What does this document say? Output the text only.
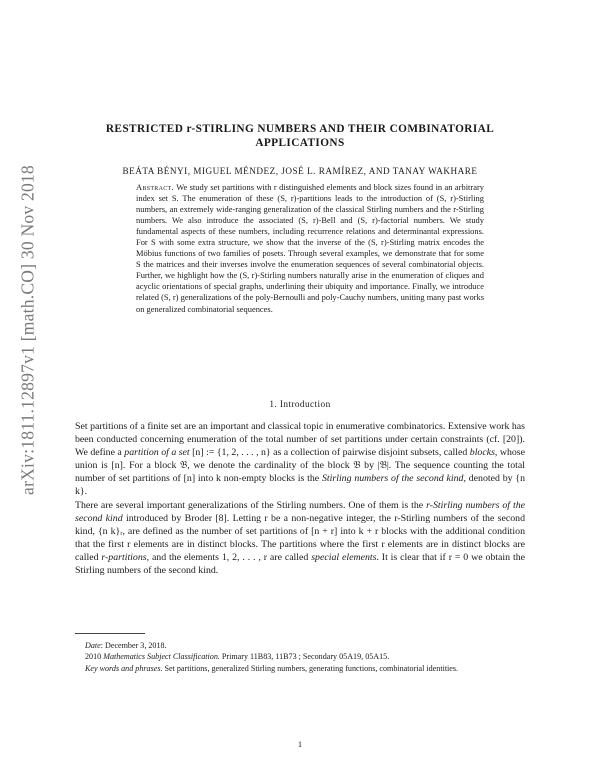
arXiv:1811.12897v1 [math.CO] 30 Nov 2018
RESTRICTED r-STIRLING NUMBERS AND THEIR COMBINATORIAL
APPLICATIONS
BEÁTA BÉNYI, MIGUEL MÉNDEZ, JOSÉ L. RAMÍREZ, AND TANAY WAKHARE
Abstract. We study set partitions with r distinguished elements and block sizes found in an arbitrary index set S. The enumeration of these (S, r)-partitions leads to the introduction of (S, r)-Stirling numbers, an extremely wide-ranging generalization of the classical Stirling numbers and the r-Stirling numbers. We also introduce the associated (S, r)-Bell and (S, r)-factorial numbers. We study fundamental aspects of these numbers, including recurrence relations and determinantal expressions. For S with some extra structure, we show that the inverse of the (S, r)-Stirling matrix encodes the Möbius functions of two families of posets. Through several examples, we demonstrate that for some S the matrices and their inverses involve the enumeration sequences of several combinatorial objects. Further, we highlight how the (S, r)-Stirling numbers naturally arise in the enumeration of cliques and acyclic orientations of special graphs, underlining their ubiquity and importance. Finally, we introduce related (S, r) generalizations of the poly-Bernoulli and poly-Cauchy numbers, uniting many past works on generalized combinatorial sequences.
1. Introduction

Set partitions of a finite set are an important and classical topic in enumerative combinatorics. Extensive work has been conducted concerning enumeration of the total number of set partitions under certain constraints (cf. [20]). We define a partition of a set [n] := {1, 2, . . . , n} as a collection of pairwise disjoint subsets, called blocks, whose union is [n]. For a block 𝔅, we denote the cardinality of the block 𝔅 by |𝔅|. The sequence counting the total number of set partitions of [n] into k non-empty blocks is the Stirling numbers of the second kind, denoted by {n k}.

There are several important generalizations of the Stirling numbers. One of them is the r-Stirling numbers of the second kind introduced by Broder [8]. Letting r be a non-negative integer, the r-Stirling numbers of the second kind, {n k}ᵣ, are defined as the number of set partitions of [n + r] into k + r blocks with the additional condition that the first r elements are in distinct blocks. The partitions where the first r elements are in distinct blocks are called r-partitions, and the elements 1, 2, . . . , r are called special elements. It is clear that if r = 0 we obtain the Stirling numbers of the second kind.

Date: December 3, 2018.

2010 Mathematics Subject Classification. Primary 11B83, 11B73 ; Secondary 05A19, 05A15.

Key words and phrases. Set partitions, generalized Stirling numbers, generating functions, combinatorial identities.

1
